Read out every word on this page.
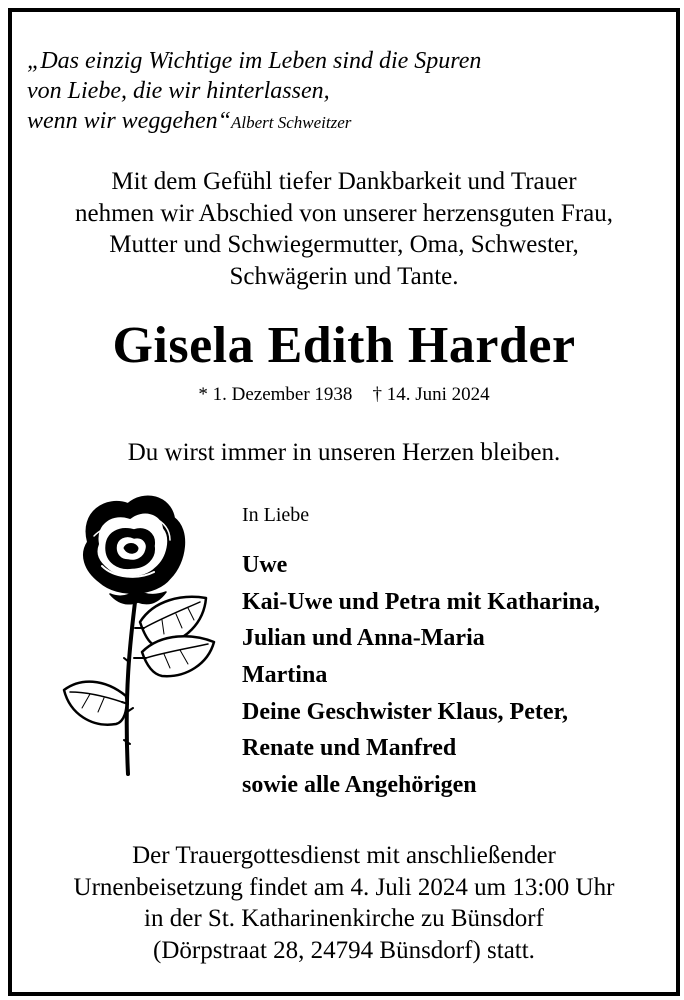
„Das einzig Wichtige im Leben sind die Spuren
von Liebe, die wir hinterlassen,
wenn wir weggehen“Albert Schweitzer
Mit dem Gefühl tiefer Dankbarkeit und Trauer
nehmen wir Abschied von unserer herzensguten Frau,
Mutter und Schwiegermutter, Oma, Schwester,
Schwägerin und Tante.
Gisela Edith Harder
* 1. Dezember 1938 † 14. Juni 2024
Du wirst immer in unseren Herzen bleiben.
In Liebe
Uwe
Kai-Uwe und Petra mit Katharina,
Julian und Anna-Maria
Martina
Deine Geschwister Klaus, Peter,
Renate und Manfred
sowie alle Angehörigen
Der Trauergottesdienst mit anschließender
Urnenbeisetzung findet am 4. Juli 2024 um 13:00 Uhr
in der St. Katharinenkirche zu Bünsdorf
(Dörpstraat 28, 24794 Bünsdorf) statt.
